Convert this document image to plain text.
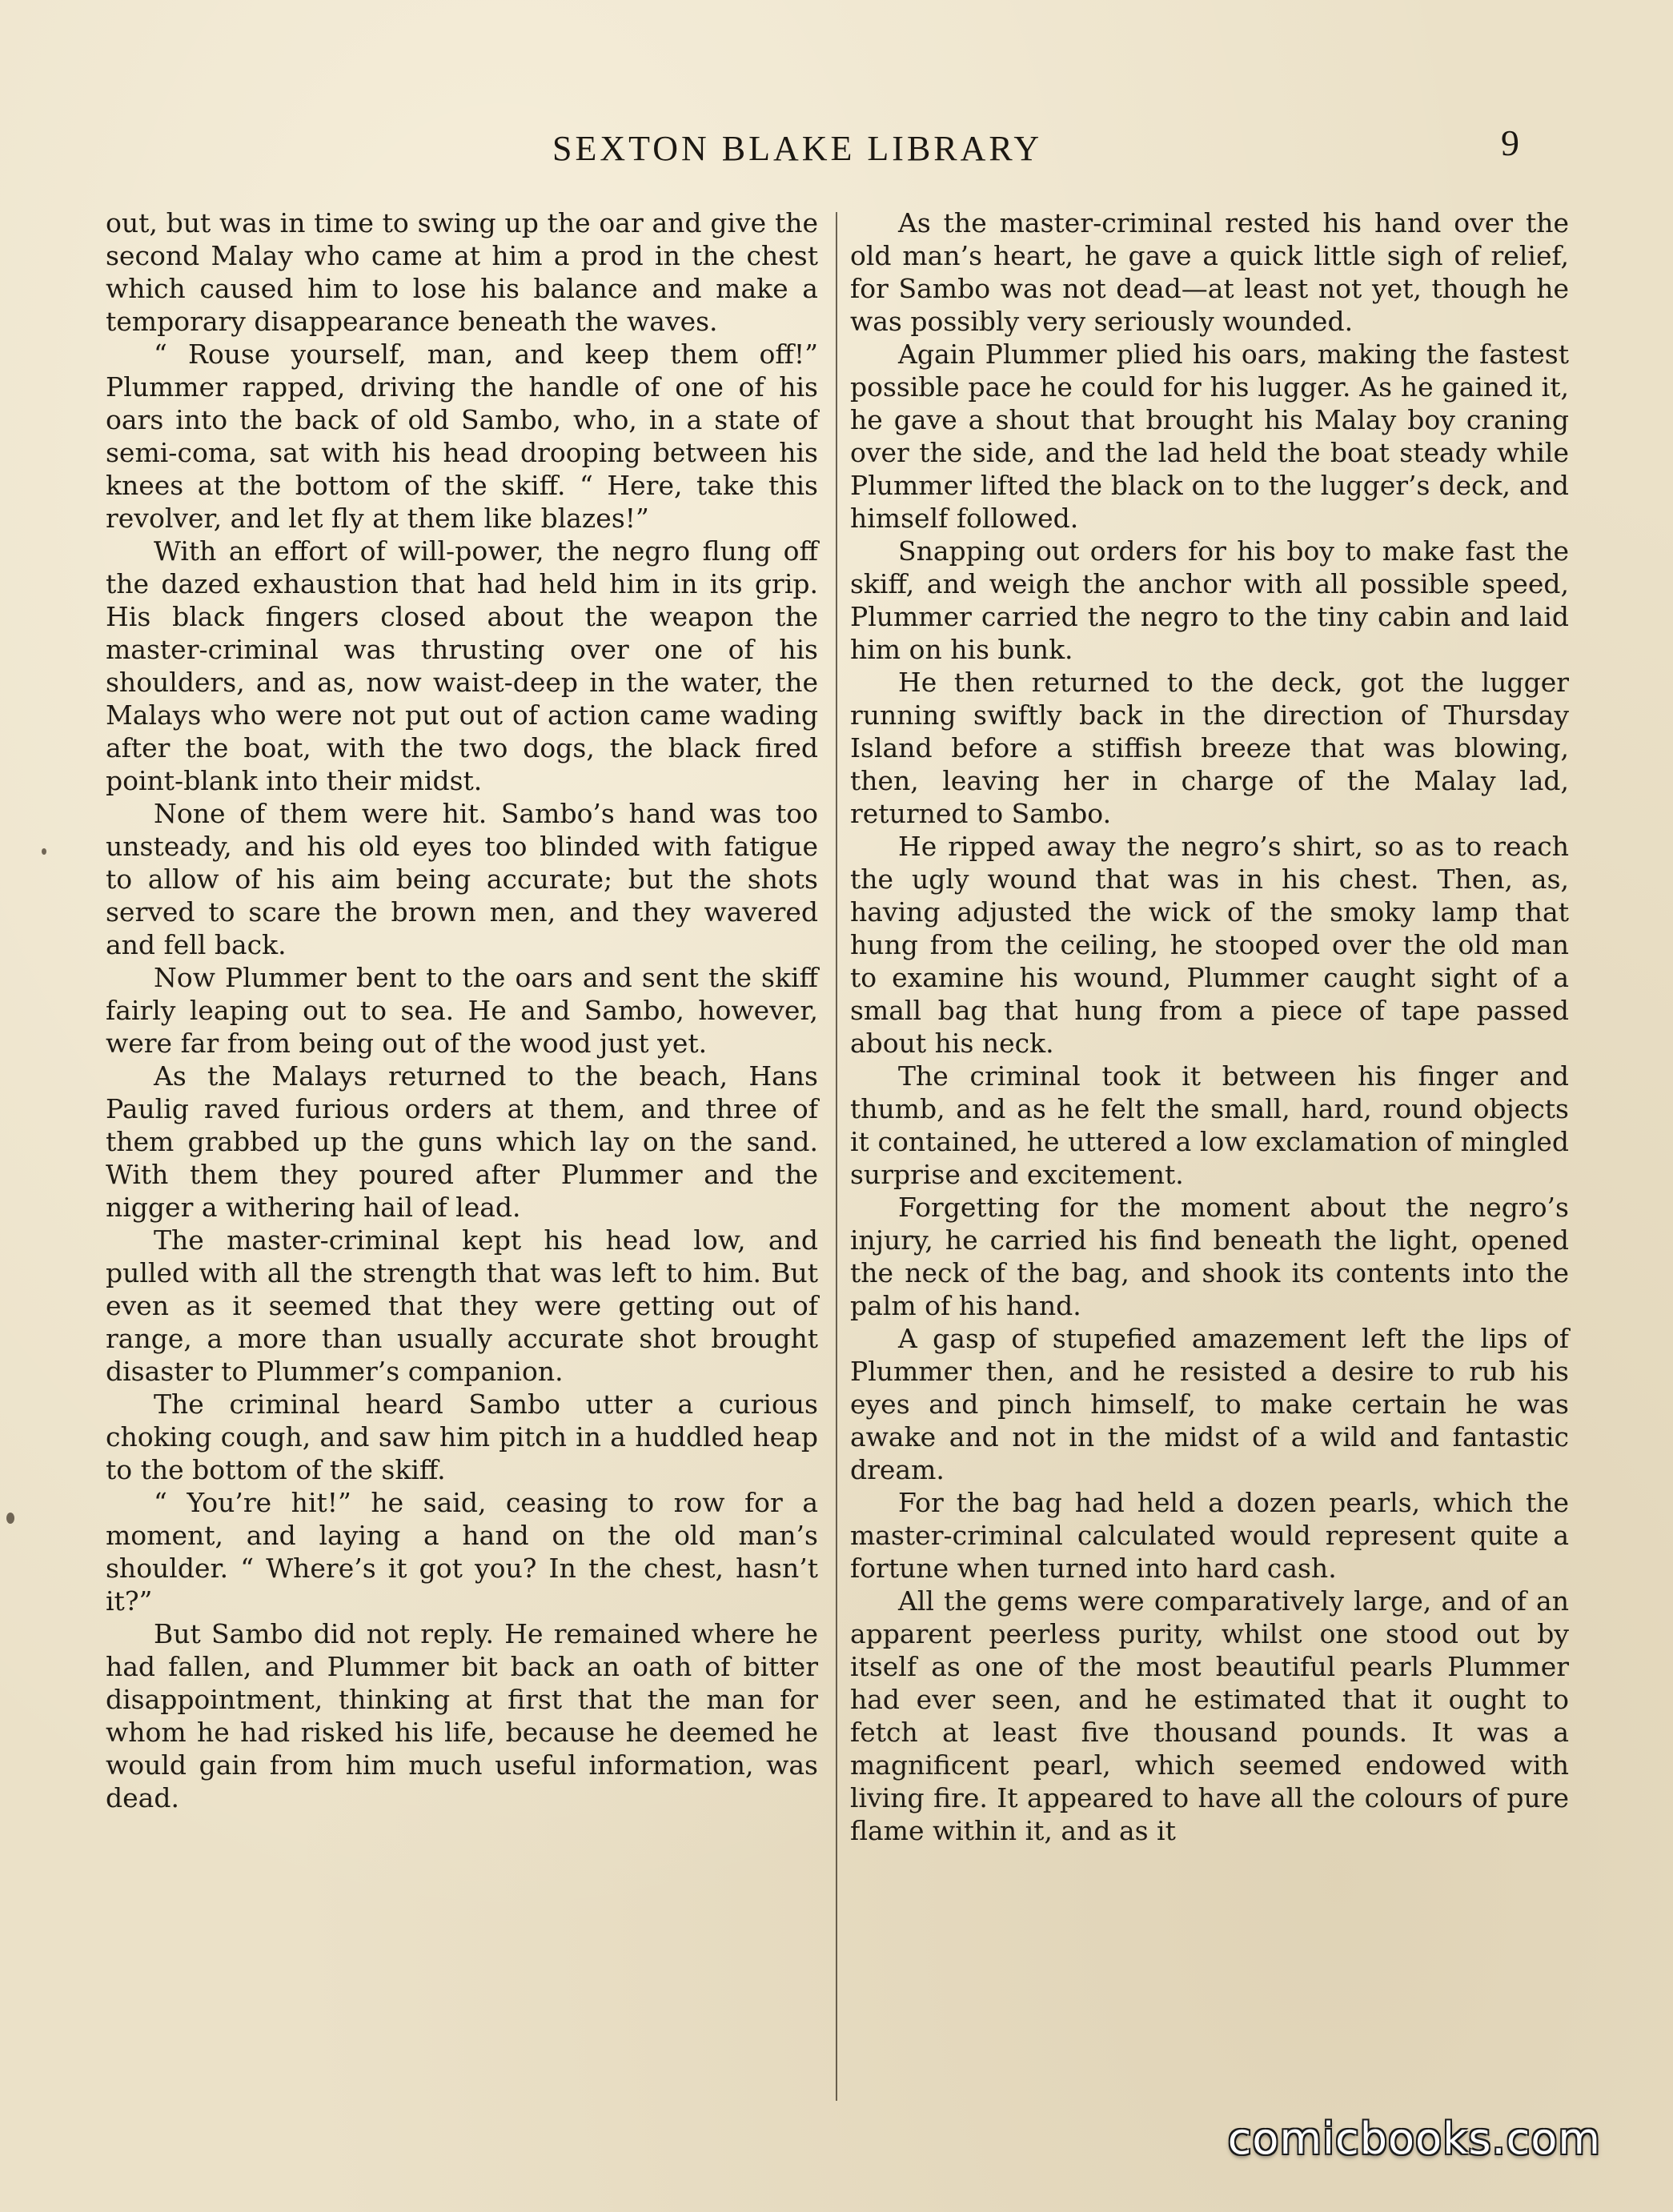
SEXTON BLAKE LIBRARY	9

out, but was in time to swing up the oar and give the second Malay who came at him a prod in the chest which caused him to lose his balance and make a temporary disappearance beneath the waves.

“ Rouse yourself, man, and keep them off!” Plummer rapped, driving the handle of one of his oars into the back of old Sambo, who, in a state of semi-coma, sat with his head drooping between his knees at the bottom of the skiff. “ Here, take this revolver, and let fly at them like blazes!”

With an effort of will-power, the negro flung off the dazed exhaustion that had held him in its grip. His black fingers closed about the weapon the master-criminal was thrusting over one of his shoulders, and as, now waist-deep in the water, the Malays who were not put out of action came wading after the boat, with the two dogs, the black fired point-blank into their midst.

None of them were hit. Sambo’s hand was too unsteady, and his old eyes too blinded with fatigue to allow of his aim being accurate; but the shots served to scare the brown men, and they wavered and fell back.

Now Plummer bent to the oars and sent the skiff fairly leaping out to sea. He and Sambo, however, were far from being out of the wood just yet.

As the Malays returned to the beach, Hans Paulig raved furious orders at them, and three of them grabbed up the guns which lay on the sand. With them they poured after Plummer and the nigger a withering hail of lead.

The master-criminal kept his head low, and pulled with all the strength that was left to him. But even as it seemed that they were getting out of range, a more than usually accurate shot brought disaster to Plummer’s companion.

The criminal heard Sambo utter a curious choking cough, and saw him pitch in a huddled heap to the bottom of the skiff.

“ You’re hit!” he said, ceasing to row for a moment, and laying a hand on the old man’s shoulder. “ Where’s it got you? In the chest, hasn’t it?”

But Sambo did not reply. He remained where he had fallen, and Plummer bit back an oath of bitter disappointment, thinking at first that the man for whom he had risked his life, because he deemed he would gain from him much useful information, was dead.

As the master-criminal rested his hand over the old man’s heart, he gave a quick little sigh of relief, for Sambo was not dead—at least not yet, though he was possibly very seriously wounded.

Again Plummer plied his oars, making the fastest possible pace he could for his lugger. As he gained it, he gave a shout that brought his Malay boy craning over the side, and the lad held the boat steady while Plummer lifted the black on to the lugger’s deck, and himself followed.

Snapping out orders for his boy to make fast the skiff, and weigh the anchor with all possible speed, Plummer carried the negro to the tiny cabin and laid him on his bunk.

He then returned to the deck, got the lugger running swiftly back in the direction of Thursday Island before a stiffish breeze that was blowing, then, leaving her in charge of the Malay lad, returned to Sambo.

He ripped away the negro’s shirt, so as to reach the ugly wound that was in his chest. Then, as, having adjusted the wick of the smoky lamp that hung from the ceiling, he stooped over the old man to examine his wound, Plummer caught sight of a small bag that hung from a piece of tape passed about his neck.

The criminal took it between his finger and thumb, and as he felt the small, hard, round objects it contained, he uttered a low exclamation of mingled surprise and excitement.

Forgetting for the moment about the negro’s injury, he carried his find beneath the light, opened the neck of the bag, and shook its contents into the palm of his hand.

A gasp of stupefied amazement left the lips of Plummer then, and he resisted a desire to rub his eyes and pinch himself, to make certain he was awake and not in the midst of a wild and fantastic dream.

For the bag had held a dozen pearls, which the master-criminal calculated would represent quite a fortune when turned into hard cash.

All the gems were comparatively large, and of an apparent peerless purity, whilst one stood out by itself as one of the most beautiful pearls Plummer had ever seen, and he estimated that it ought to fetch at least five thousand pounds. It was a magnificent pearl, which seemed endowed with living fire. It appeared to have all the colours of pure flame within it, and as it

comicbooks.com
